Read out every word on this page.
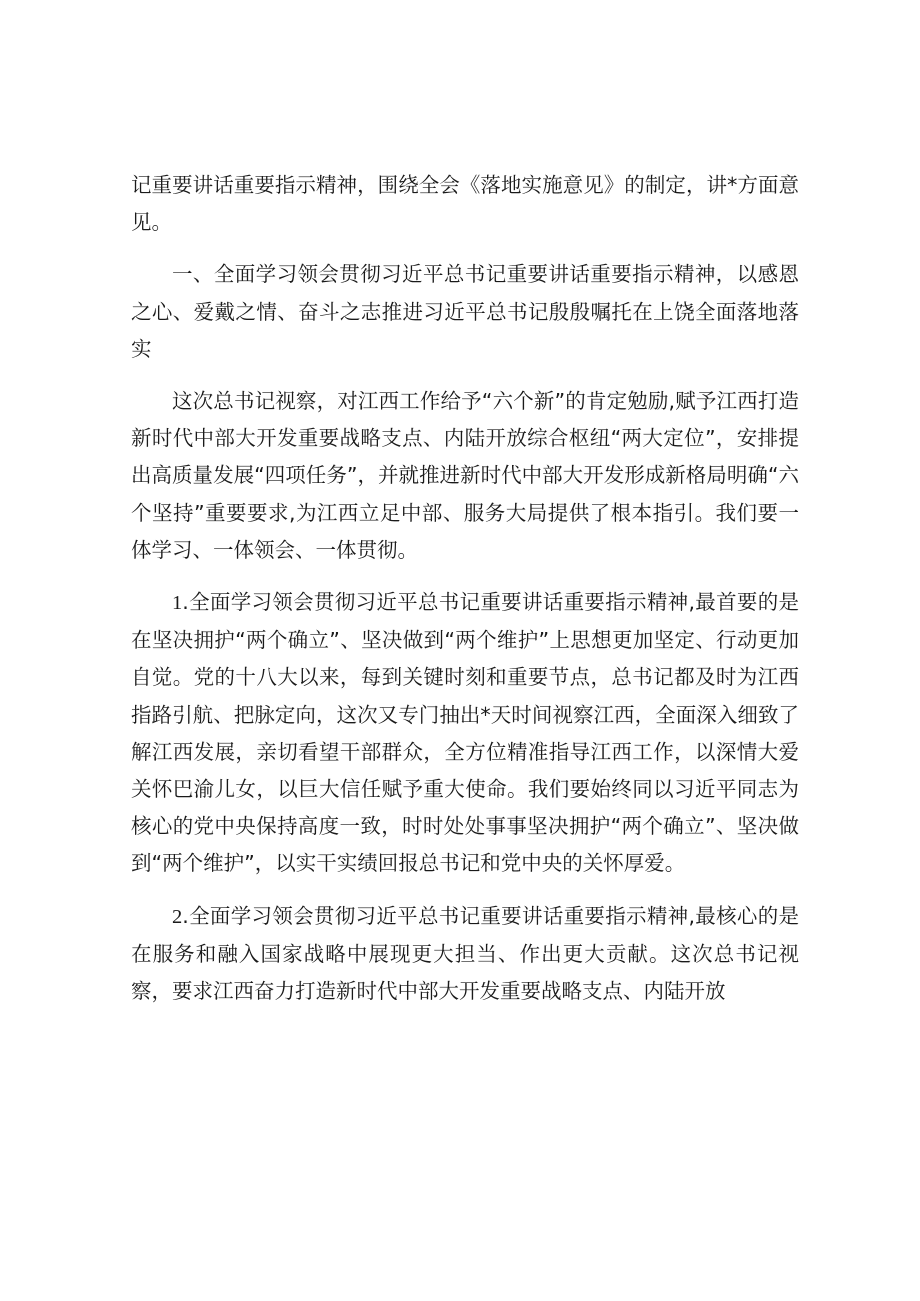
记重要讲话重要指示精神，围绕全会《落地实施意见》的制定，讲*方面意见。

一、全面学习领会贯彻习近平总书记重要讲话重要指示精神，以感恩之心、爱戴之情、奋斗之志推进习近平总书记殷殷嘱托在上饶全面落地落实

这次总书记视察，对江西工作给予“六个新”的肯定勉励,赋予江西打造新时代中部大开发重要战略支点、内陆开放综合枢纽“两大定位”，安排提出高质量发展“四项任务”，并就推进新时代中部大开发形成新格局明确“六个坚持”重要要求,为江西立足中部、服务大局提供了根本指引。我们要一体学习、一体领会、一体贯彻。

1.全面学习领会贯彻习近平总书记重要讲话重要指示精神,最首要的是在坚决拥护“两个确立”、坚决做到“两个维护”上思想更加坚定、行动更加自觉。党的十八大以来，每到关键时刻和重要节点，总书记都及时为江西指路引航、把脉定向，这次又专门抽出*天时间视察江西，全面深入细致了解江西发展，亲切看望干部群众，全方位精准指导江西工作，以深情大爱关怀巴渝儿女，以巨大信任赋予重大使命。我们要始终同以习近平同志为核心的党中央保持高度一致，时时处处事事坚决拥护“两个确立”、坚决做到“两个维护”，以实干实绩回报总书记和党中央的关怀厚爱。

2.全面学习领会贯彻习近平总书记重要讲话重要指示精神,最核心的是在服务和融入国家战略中展现更大担当、作出更大贡献。这次总书记视察，要求江西奋力打造新时代中部大开发重要战略支点、内陆开放
